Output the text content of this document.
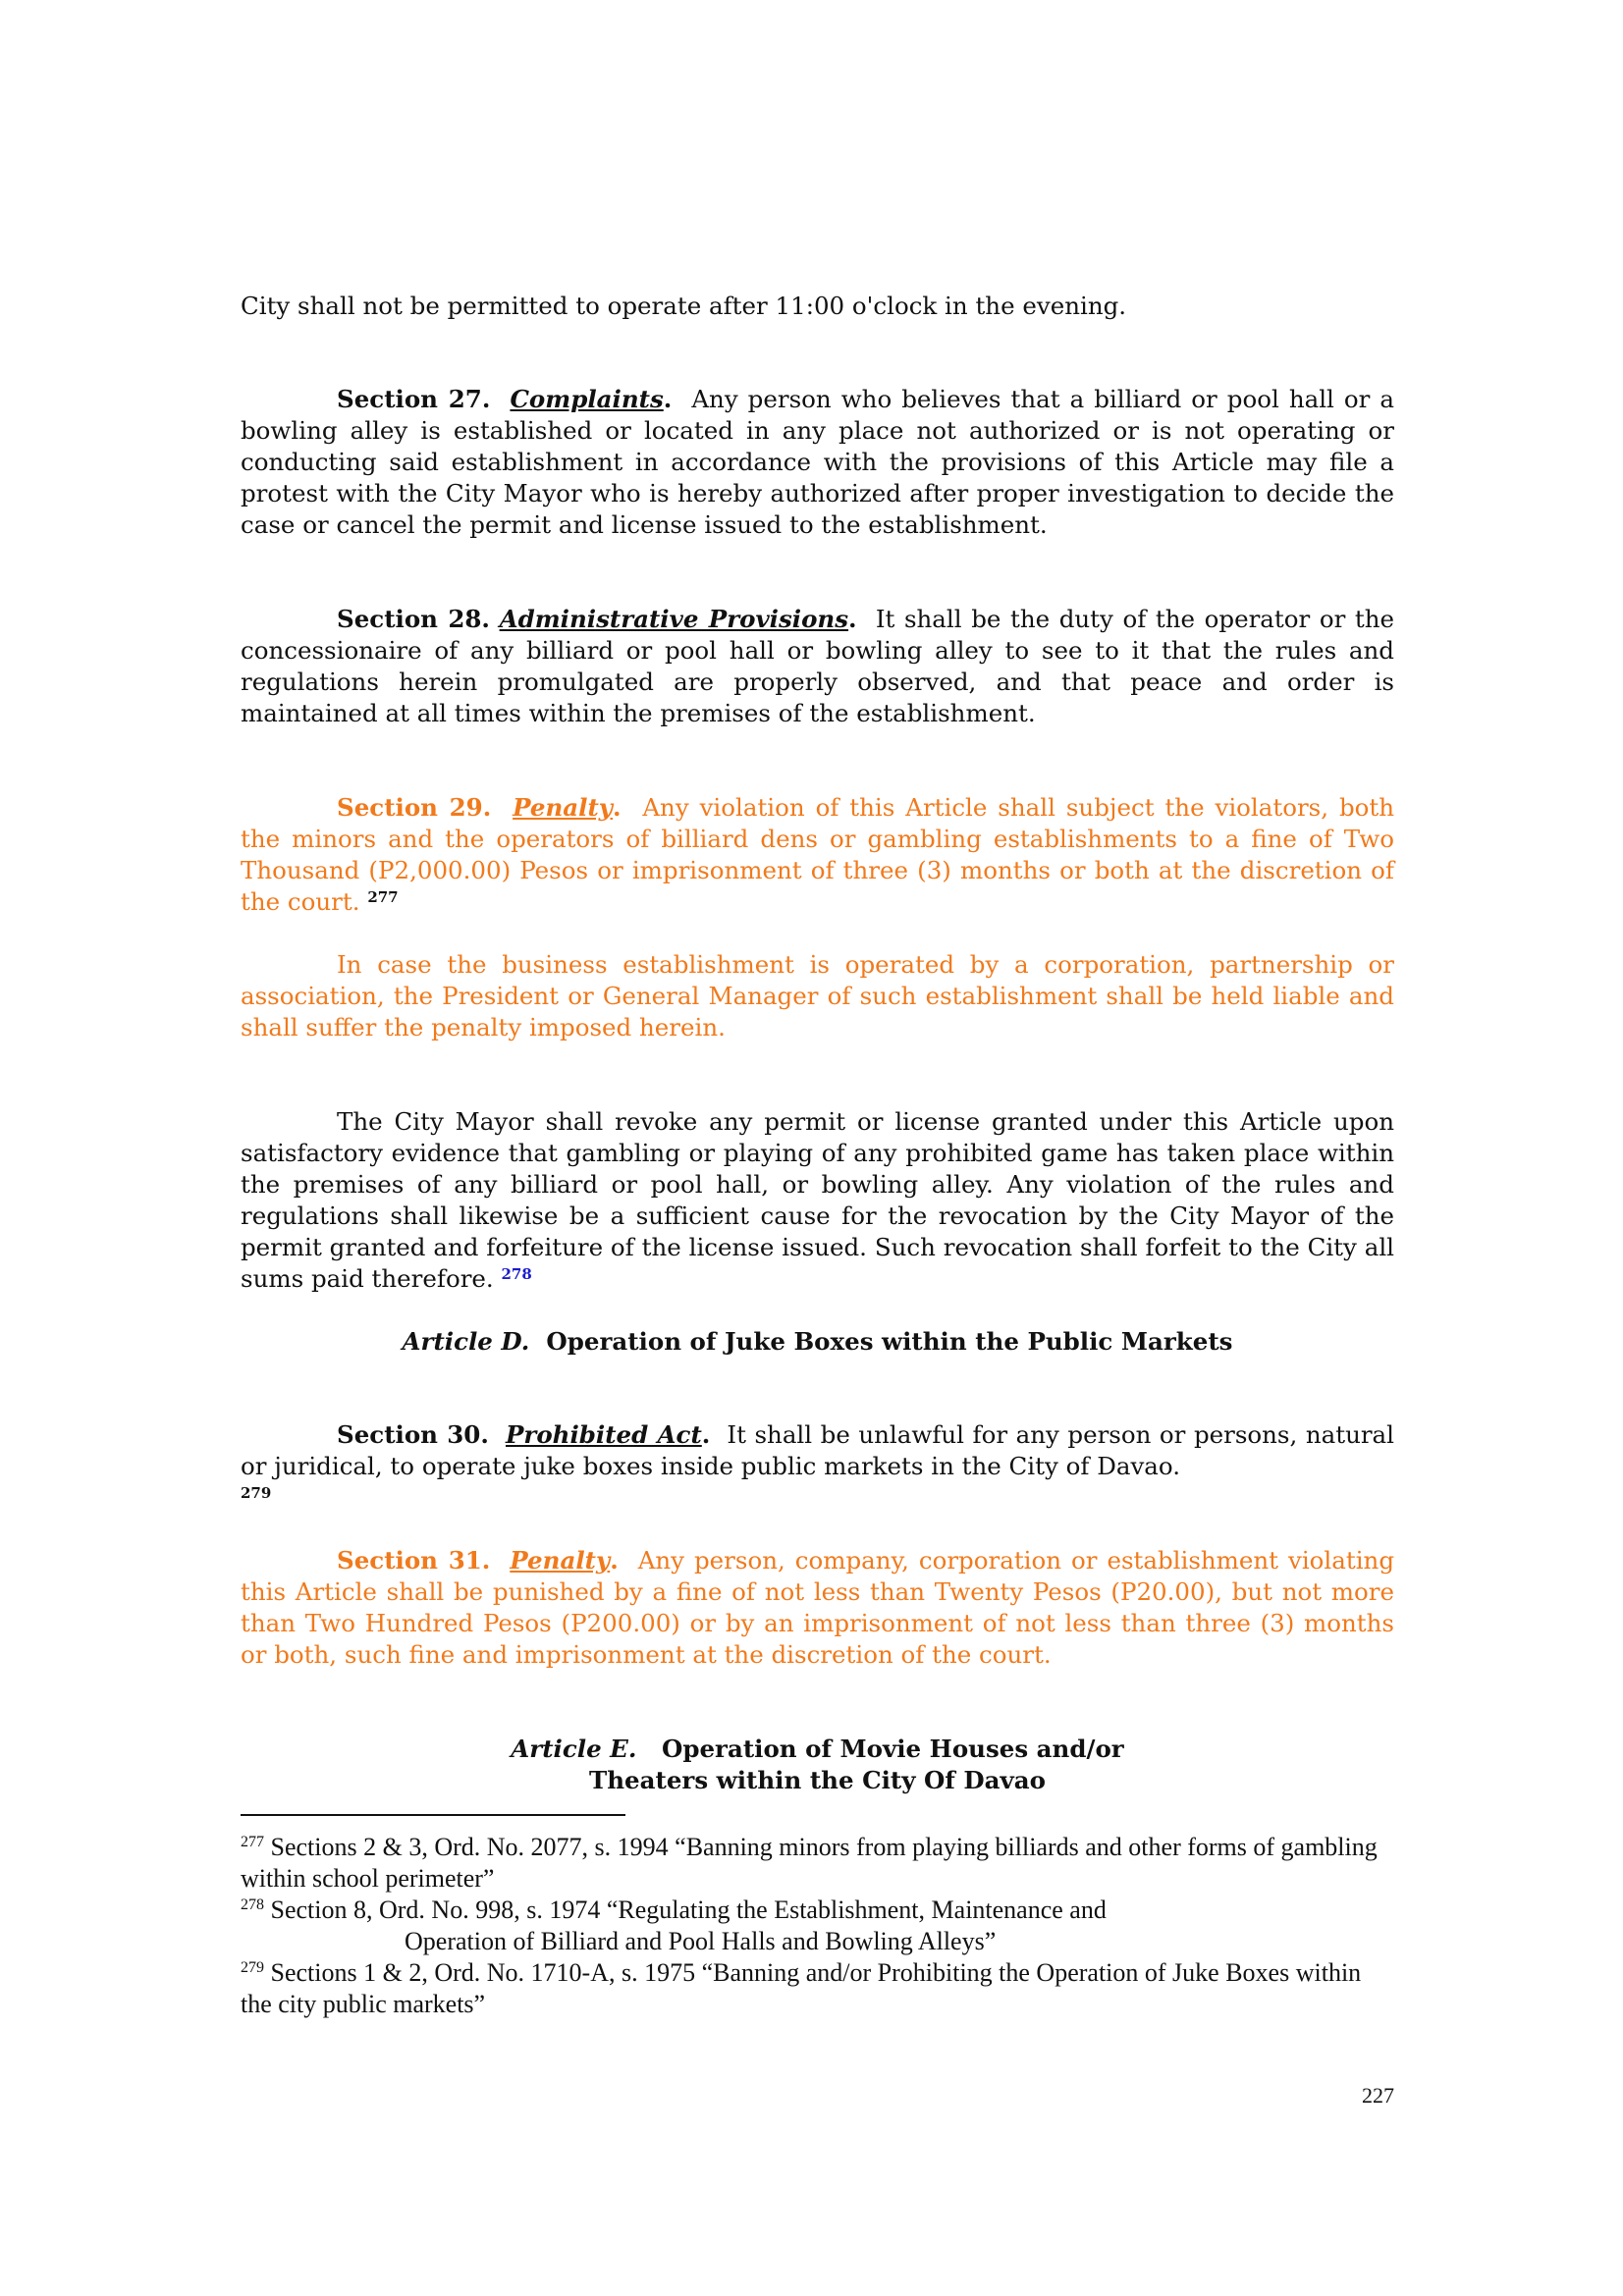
City shall not be permitted to operate after 11:00 o'clock in the evening.

Section 27. Complaints. Any person who believes that a billiard or pool hall or a bowling alley is established or located in any place not authorized or is not operating or conducting said establishment in accordance with the provisions of this Article may file a protest with the City Mayor who is hereby authorized after proper investigation to decide the case or cancel the permit and license issued to the establishment.

Section 28. Administrative Provisions. It shall be the duty of the operator or the concessionaire of any billiard or pool hall or bowling alley to see to it that the rules and regulations herein promulgated are properly observed, and that peace and order is maintained at all times within the premises of the establishment.

Section 29. Penalty. Any violation of this Article shall subject the violators, both the minors and the operators of billiard dens or gambling establishments to a fine of Two Thousand (P2,000.00) Pesos or imprisonment of three (3) months or both at the discretion of the court. $^{277}$

In case the business establishment is operated by a corporation, partnership or association, the President or General Manager of such establishment shall be held liable and shall suffer the penalty imposed herein.

The City Mayor shall revoke any permit or license granted under this Article upon satisfactory evidence that gambling or playing of any prohibited game has taken place within the premises of any billiard or pool hall, or bowling alley. Any violation of the rules and regulations shall likewise be a sufficient cause for the revocation by the City Mayor of the permit granted and forfeiture of the license issued. Such revocation shall forfeit to the City all sums paid therefore. $^{278}$

Article D. Operation of Juke Boxes within the Public Markets

Section 30. Prohibited Act. It shall be unlawful for any person or persons, natural or juridical, to operate juke boxes inside public markets in the City of Davao.

279

Section 31. Penalty. Any person, company, corporation or establishment violating this Article shall be punished by a fine of not less than Twenty Pesos (P20.00), but not more than Two Hundred Pesos (P200.00) or by an imprisonment of not less than three (3) months or both, such fine and imprisonment at the discretion of the court.

Article E. Operation of Movie Houses and/or
Theaters within the City Of Davao

$^{277}$ Sections 2 & 3, Ord. No. 2077, s. 1994 “Banning minors from playing billiards and other forms of gambling within school perimeter”

$^{278}$ Section 8, Ord. No. 998, s. 1974 “Regulating the Establishment, Maintenance and
Operation of Billiard and Pool Halls and Bowling Alleys”

$^{279}$ Sections 1 & 2, Ord. No. 1710-A, s. 1975 “Banning and/or Prohibiting the Operation of Juke Boxes within the city public markets”

227
